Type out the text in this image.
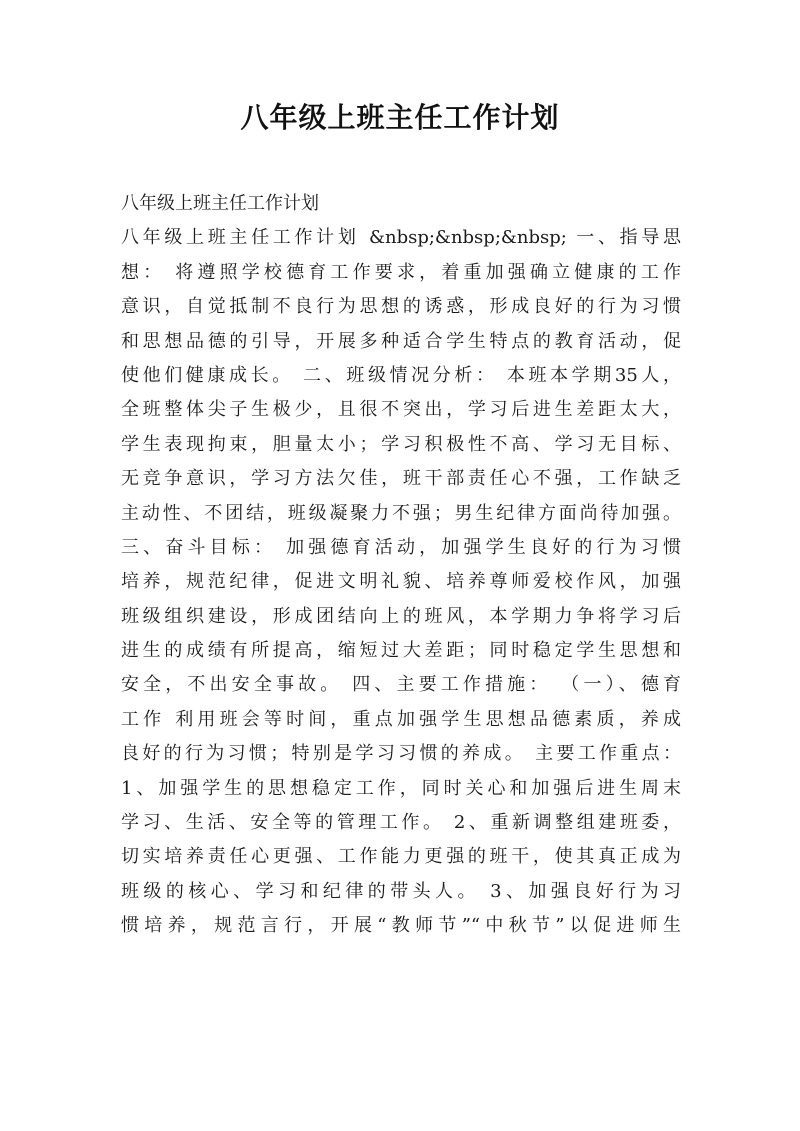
八年级上班主任工作计划
八年级上班主任工作计划
八年级上班主任工作计划 &nbsp;&nbsp;&nbsp; 一、指导思
想： 将遵照学校德育工作要求，着重加强确立健康的工作
意识，自觉抵制不良行为思想的诱惑，形成良好的行为习惯
和思想品德的引导，开展多种适合学生特点的教育活动，促
使他们健康成长。 二、班级情况分析： 本班本学期35人，
全班整体尖子生极少，且很不突出，学习后进生差距太大，
学生表现拘束，胆量太小；学习积极性不高、学习无目标、
无竞争意识，学习方法欠佳，班干部责任心不强，工作缺乏
主动性、不团结，班级凝聚力不强；男生纪律方面尚待加强。
三、奋斗目标： 加强德育活动，加强学生良好的行为习惯
培养，规范纪律，促进文明礼貌、培养尊师爱校作风，加强
班级组织建设，形成团结向上的班风，本学期力争将学习后
进生的成绩有所提高，缩短过大差距；同时稳定学生思想和
安全，不出安全事故。 四、主要工作措施： （一）、德育
工作 利用班会等时间，重点加强学生思想品德素质，养成
良好的行为习惯；特别是学习习惯的养成。 主要工作重点：
1、加强学生的思想稳定工作，同时关心和加强后进生周末
学习、生活、安全等的管理工作。 2、重新调整组建班委，
切实培养责任心更强、工作能力更强的班干，使其真正成为
班级的核心、学习和纪律的带头人。 3、加强良好行为习
惯培养，规范言行，开展“教师节”“中秋节”以促进师生
